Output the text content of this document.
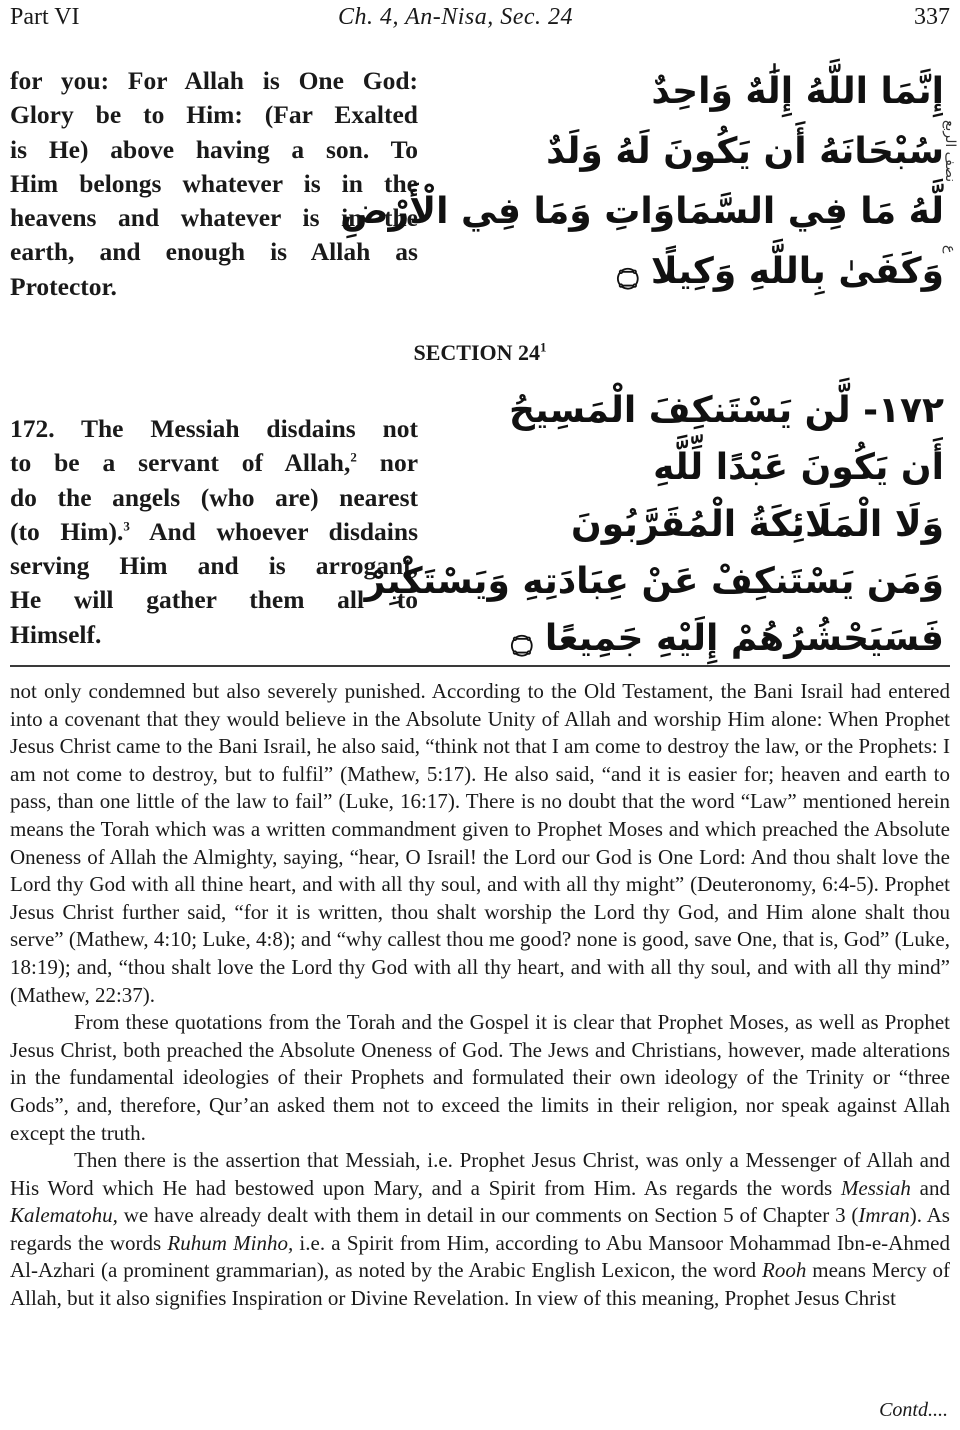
Part VI	Ch. 4, An-Nisa, Sec. 24	337
for you: For Allah is One God:
Glory be to Him: (Far Exalted
is He) above having a son. To
Him belongs whatever is in the
heavens and whatever is in the
earth, and enough is Allah as
Protector.
إِنَّمَا اللَّهُ إِلَٰهٌ وَاحِدٌ
سُبْحَانَهُ أَن يَكُونَ لَهُ وَلَدٌ
لَّهُ مَا فِي السَّمَاوَاتِ وَمَا فِي الْأَرْضِ
وَكَفَىٰ بِاللَّهِ وَكِيلًا ۝
نصف الربع
ع
SECTION $24^1$
172. The Messiah disdains not
to be a servant of Allah,$^2$ nor
do the angels (who are) nearest
(to Him).$^3$ And whoever disdains
serving Him and is arrogant,
He will gather them all to
Himself.
١٧٢- لَّن يَسْتَنكِفَ الْمَسِيحُ
أَن يَكُونَ عَبْدًا لِّلَّهِ
وَلَا الْمَلَائِكَةُ الْمُقَرَّبُونَ
وَمَن يَسْتَنكِفْ عَنْ عِبَادَتِهِ وَيَسْتَكْبِرْ
فَسَيَحْشُرُهُمْ إِلَيْهِ جَمِيعًا ۝

not only condemned but also severely punished. According to the Old Testament, the Bani Israil had entered into a covenant that they would believe in the Absolute Unity of Allah and worship Him alone: When Prophet Jesus Christ came to the Bani Israil, he also said, “think not that I am come to destroy the law, or the Prophets: I am not come to destroy, but to fulfil” (Mathew, 5:17). He also said, “and it is easier for; heaven and earth to pass, than one little of the law to fail” (Luke, 16:17). There is no doubt that the word “Law” mentioned herein means the Torah which was a written commandment given to Prophet Moses and which preached the Absolute Oneness of Allah the Almighty, saying, “hear, O Israil! the Lord our God is One Lord: And thou shalt love the Lord thy God with all thine heart, and with all thy soul, and with all thy might” (Deuteronomy, 6:4-5). Prophet Jesus Christ further said, “for it is written, thou shalt worship the Lord thy God, and Him alone shalt thou serve” (Mathew, 4:10; Luke, 4:8); and “why callest thou me good? none is good, save One, that is, God” (Luke, 18:19); and, “thou shalt love the Lord thy God with all thy heart, and with all thy soul, and with all thy mind” (Mathew, 22:37).

From these quotations from the Torah and the Gospel it is clear that Prophet Moses, as well as Prophet Jesus Christ, both preached the Absolute Oneness of God. The Jews and Christians, however, made alterations in the fundamental ideologies of their Prophets and formulated their own ideology of the Trinity or “three Gods”, and, therefore, Qur’an asked them not to exceed the limits in their religion, nor speak against Allah except the truth.

Then there is the assertion that Messiah, i.e. Prophet Jesus Christ, was only a Messenger of Allah and His Word which He had bestowed upon Mary, and a Spirit from Him. As regards the words Messiah and Kalematohu, we have already dealt with them in detail in our comments on Section 5 of Chapter 3 (Imran). As regards the words Ruhum Minho, i.e. a Spirit from Him, according to Abu Mansoor Mohammad Ibn-e-Ahmed Al-Azhari (a prominent grammarian), as noted by the Arabic English Lexicon, the word Rooh means Mercy of Allah, but it also signifies Inspiration or Divine Revelation. In view of this meaning, Prophet Jesus Christ

Contd....
